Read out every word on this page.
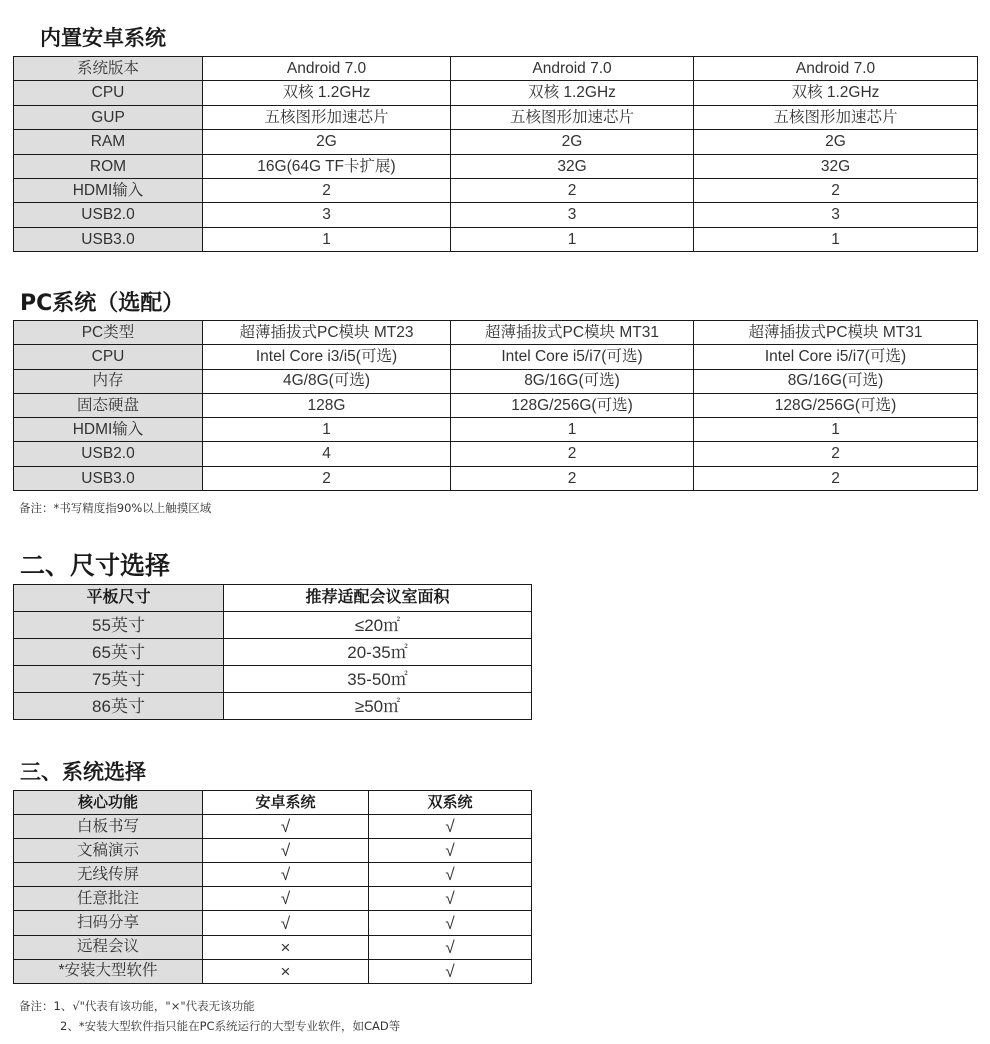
内置安卓系统
系统版本	Android 7.0	Android 7.0	Android 7.0
CPU	双核 1.2GHz	双核 1.2GHz	双核 1.2GHz
GUP	五核图形加速芯片	五核图形加速芯片	五核图形加速芯片
RAM	2G	2G	2G
ROM	16G(64G TF卡扩展)	32G	32G
HDMI输入	2	2	2
USB2.0	3	3	3
USB3.0	1	1	1
PC系统（选配）
PC类型	超薄插拔式PC模块 MT23	超薄插拔式PC模块 MT31	超薄插拔式PC模块 MT31
CPU	Intel Core i3/i5(可选)	Intel Core i5/i7(可选)	Intel Core i5/i7(可选)
内存	4G/8G(可选)	8G/16G(可选)	8G/16G(可选)
固态硬盘	128G	128G/256G(可选)	128G/256G(可选)
HDMI输入	1	1	1
USB2.0	4	2	2
USB3.0	2	2	2

备注：*书写精度指90%以上触摸区域

二、尺寸选择
平板尺寸	推荐适配会议室面积
55英寸	≤20㎡
65英寸	20-35㎡
75英寸	35-50㎡
86英寸	≥50㎡
三、系统选择
核心功能	安卓系统	双系统
白板书写	√	√
文稿演示	√	√
无线传屏	√	√
任意批注	√	√
扫码分享	√	√
远程会议	×	√
*安装大型软件	×	√

备注：1、√"代表有该功能，"×"代表无该功能

2、*安装大型软件指只能在PC系统运行的大型专业软件，如CAD等
